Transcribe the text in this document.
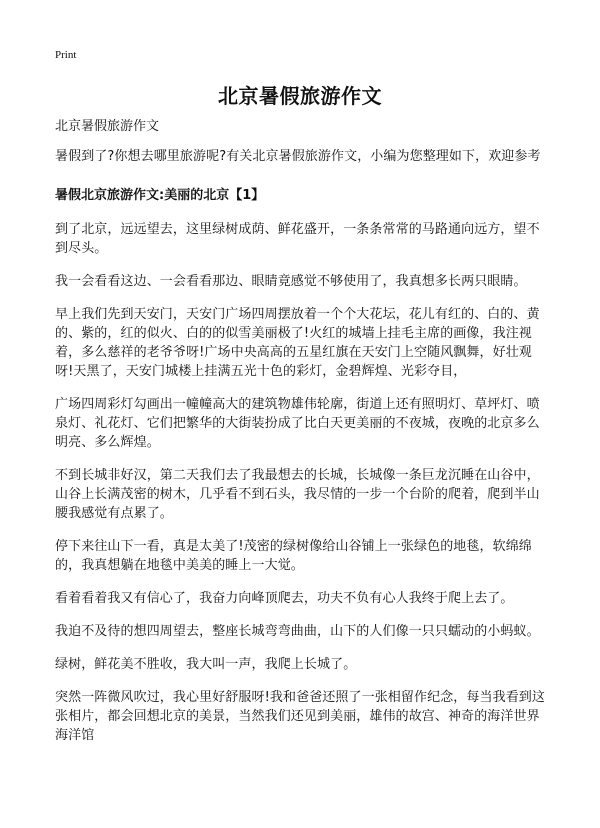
Print
北京暑假旅游作文
北京暑假旅游作文
暑假到了?你想去哪里旅游呢?有关北京暑假旅游作文，小编为您整理如下，欢迎参考
暑假北京旅游作文:美丽的北京【1】
到了北京，远远望去，这里绿树成荫、鲜花盛开，一条条常常的马路通向远方，望不到尽头。
我一会看看这边、一会看看那边、眼睛竟感觉不够使用了，我真想多长两只眼睛。
早上我们先到天安门，天安门广场四周摆放着一个个大花坛，花儿有红的、白的、黄的、紫的，红的似火、白的的似雪美丽极了!火红的城墙上挂毛主席的画像，我注视着，多么慈祥的老爷爷呀!广场中央高高的五星红旗在天安门上空随风飘舞，好壮观呀!天黑了，天安门城楼上挂满五光十色的彩灯，金碧辉煌、光彩夺目，
广场四周彩灯勾画出一幢幢高大的建筑物雄伟轮廓，街道上还有照明灯、草坪灯、喷泉灯、礼花灯、它们把繁华的大街装扮成了比白天更美丽的不夜城，夜晚的北京多么明亮、多么辉煌。
不到长城非好汉，第二天我们去了我最想去的长城，长城像一条巨龙沉睡在山谷中，山谷上长满茂密的树木，几乎看不到石头，我尽情的一步一个台阶的爬着，爬到半山腰我感觉有点累了。
停下来往山下一看，真是太美了!茂密的绿树像给山谷铺上一张绿色的地毯，软绵绵的，我真想躺在地毯中美美的睡上一大觉。
看着看着我又有信心了，我奋力向峰顶爬去，功夫不负有心人我终于爬上去了。
我迫不及待的想四周望去，整座长城弯弯曲曲，山下的人们像一只只蠕动的小蚂蚁。
绿树，鲜花美不胜收，我大叫一声，我爬上长城了。
突然一阵微风吹过，我心里好舒服呀!我和爸爸还照了一张相留作纪念，每当我看到这张相片，都会回想北京的美景，当然我们还见到美丽，雄伟的故宫、神奇的海洋世界海洋馆
